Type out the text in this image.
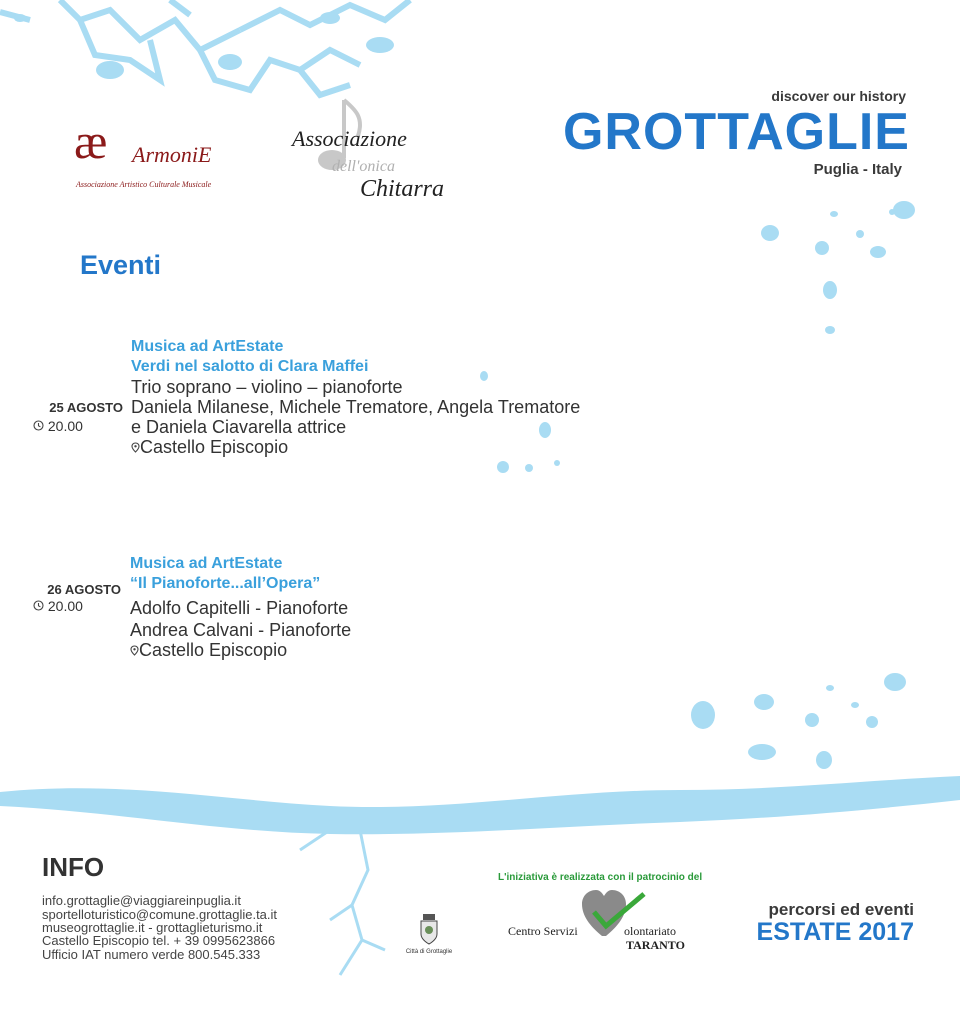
discover our history
GROTTAGLIE
Puglia - Italy
æ ArmoniE
Associazione Artistico Culturale Musicale
Associazione
dell'onica
Chitarra
Eventi
Musica ad ArtEstate
Verdi nel salotto di Clara Maffei
Trio soprano – violino – pianoforte
Daniela Milanese, Michele Trematore, Angela Trematore
e Daniela Ciavarella attrice
Castello Episcopio
25 AGOSTO
20.00
Musica ad ArtEstate
“Il Pianoforte...all’Opera”
Adolfo Capitelli - Pianoforte
Andrea Calvani - Pianoforte
Castello Episcopio
26 AGOSTO
20.00
INFO
info.grottaglie@viaggiareinpuglia.it
sportelloturistico@comune.grottaglie.ta.it
museogrottaglie.it - grottaglieturismo.it
Castello Episcopio tel. + 39 0995623866
Ufficio IAT numero verde 800.545.333	Città di Grottaglie
L'iniziativa è realizzata con il patrocinio del
Centro Servizi	olontariato
TARANTO
percorsi ed eventi
ESTATE 2017
